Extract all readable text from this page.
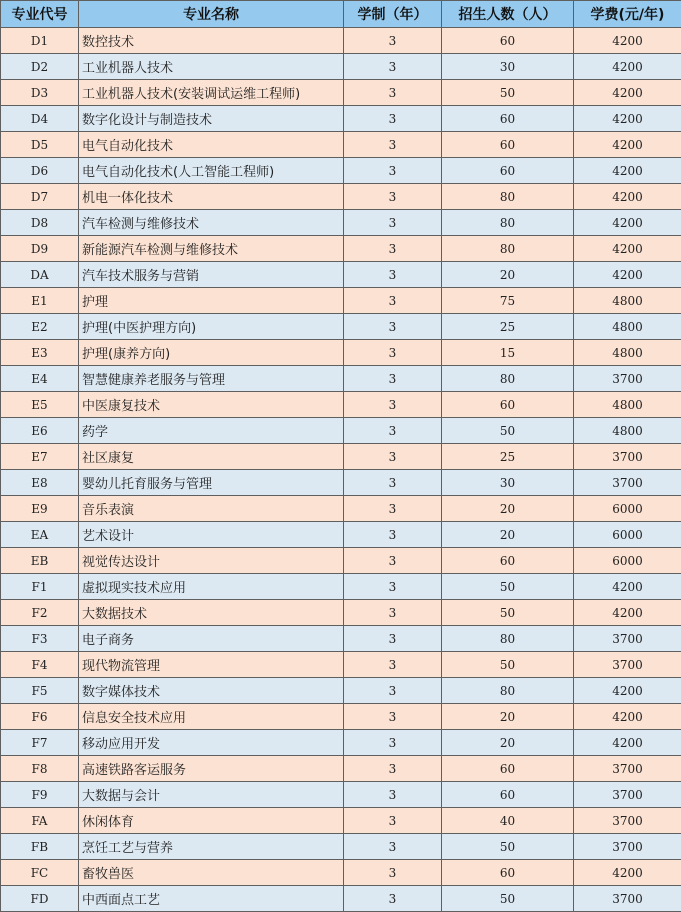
专业代号	专业名称	学制（年）	招生人数（人）	学费(元/年)
D1	数控技术	3	60	4200
D2	工业机器人技术	3	30	4200
D3	工业机器人技术(安装调试运维工程师)	3	50	4200
D4	数字化设计与制造技术	3	60	4200
D5	电气自动化技术	3	60	4200
D6	电气自动化技术(人工智能工程师)	3	60	4200
D7	机电一体化技术	3	80	4200
D8	汽车检测与维修技术	3	80	4200
D9	新能源汽车检测与维修技术	3	80	4200
DA	汽车技术服务与营销	3	20	4200
E1	护理	3	75	4800
E2	护理(中医护理方向)	3	25	4800
E3	护理(康养方向)	3	15	4800
E4	智慧健康养老服务与管理	3	80	3700
E5	中医康复技术	3	60	4800
E6	药学	3	50	4800
E7	社区康复	3	25	3700
E8	婴幼儿托育服务与管理	3	30	3700
E9	音乐表演	3	20	6000
EA	艺术设计	3	20	6000
EB	视觉传达设计	3	60	6000
F1	虚拟现实技术应用	3	50	4200
F2	大数据技术	3	50	4200
F3	电子商务	3	80	3700
F4	现代物流管理	3	50	3700
F5	数字媒体技术	3	80	4200
F6	信息安全技术应用	3	20	4200
F7	移动应用开发	3	20	4200
F8	高速铁路客运服务	3	60	3700
F9	大数据与会计	3	60	3700
FA	休闲体育	3	40	3700
FB	烹饪工艺与营养	3	50	3700
FC	畜牧兽医	3	60	4200
FD	中西面点工艺	3	50	3700
